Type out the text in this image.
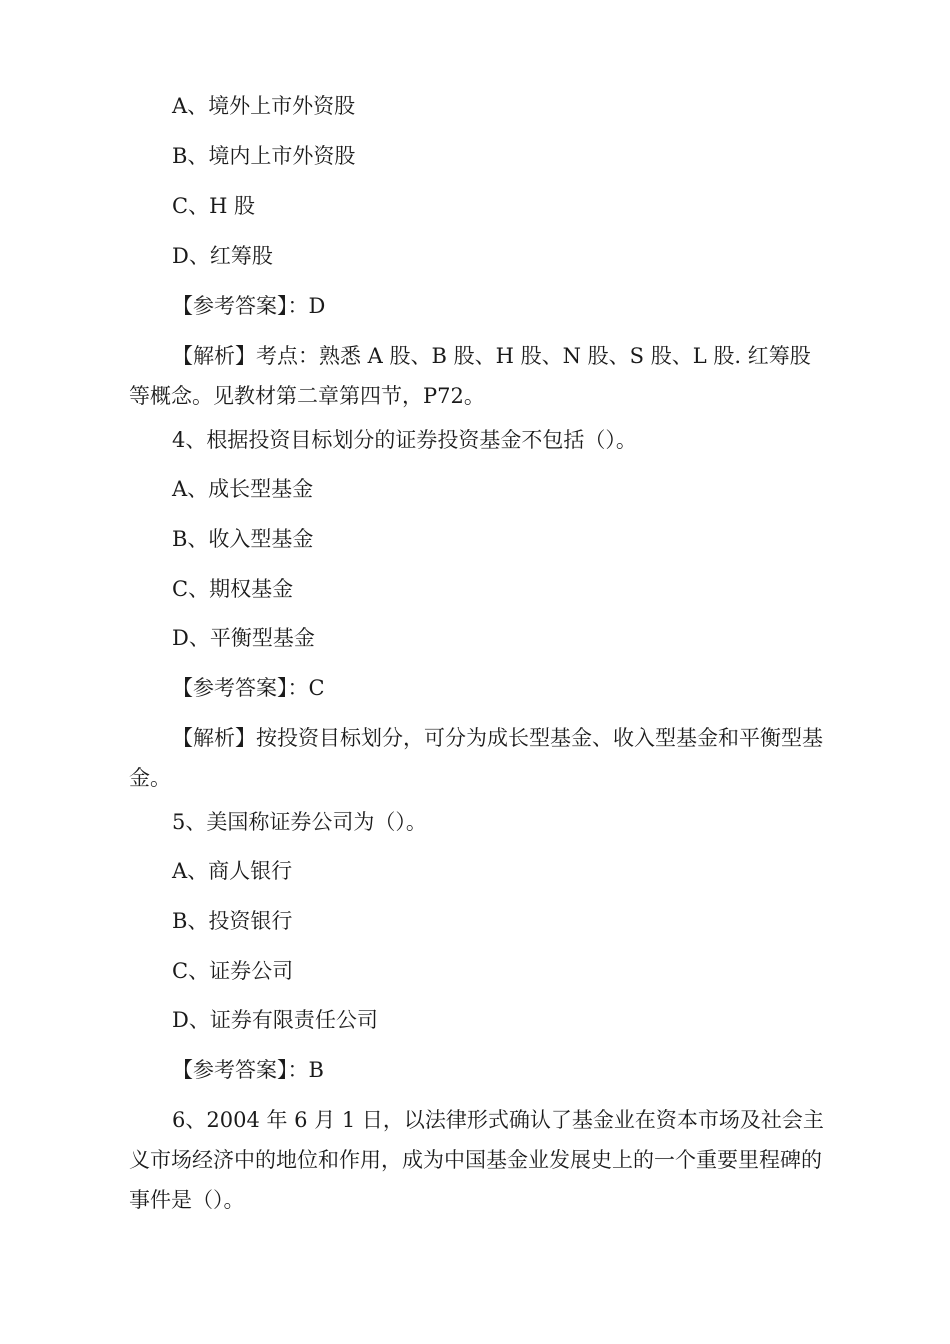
A、境外上市外资股
B、境内上市外资股
C、H 股
D、红筹股
【参考答案】：D
【解析】考点：熟悉 A 股、B 股、H 股、N 股、S 股、L 股. 红筹股等概念。见教材第二章第四节，P72。
4、根据投资目标划分的证券投资基金不包括（）。
A、成长型基金
B、收入型基金
C、期权基金
D、平衡型基金
【参考答案】：C
【解析】按投资目标划分，可分为成长型基金、收入型基金和平衡型基金。
5、美国称证券公司为（）。
A、商人银行
B、投资银行
C、证券公司
D、证券有限责任公司
【参考答案】：B
6、2004 年 6 月 1 日，以法律形式确认了基金业在资本市场及社会主义市场经济中的地位和作用，成为中国基金业发展史上的一个重要里程碑的事件是（）。
